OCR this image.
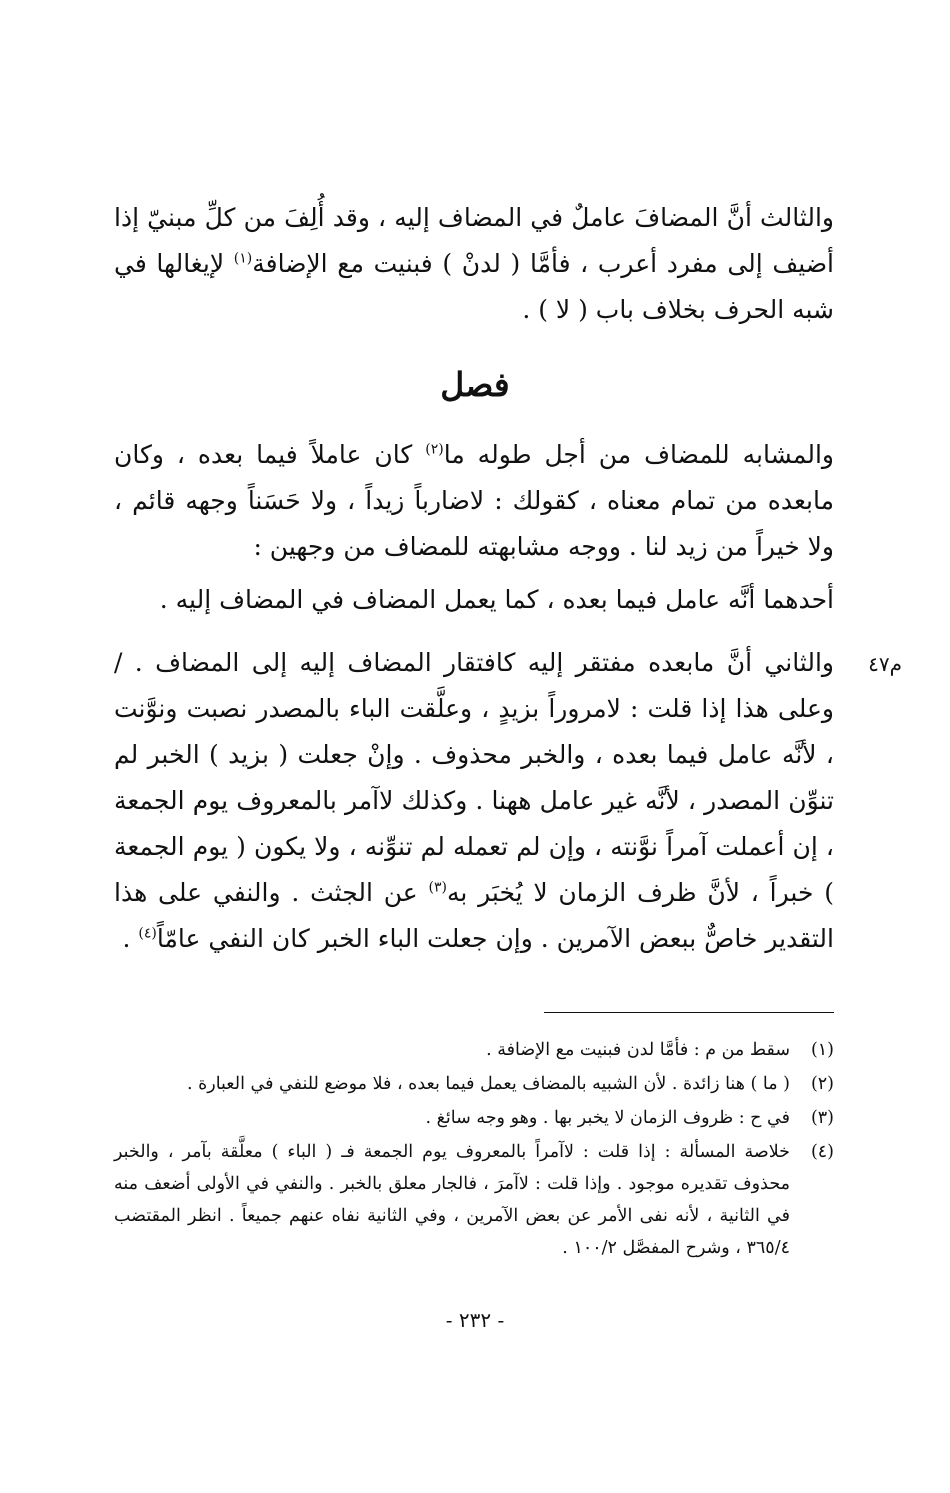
والثالث أنَّ المضافَ عاملٌ في المضاف إليه ، وقد أُلِفَ من كلِّ مبنيّ إذا أضيف إلى مفرد أعرب ، فأمَّا ( لدنْ ) فبنيت مع الإضافة$^{(١)}$ لإيغالها في شبه الحرف بخلاف باب ( لا ) .

فصل

والمشابه للمضاف من أجل طوله ما$^{(٢)}$ كان عاملاً فيما بعده ، وكان مابعده من تمام معناه ، كقولك : لاضارباً زيداً ، ولا حَسَناً وجهه قائم ، ولا خيراً من زيد لنا . ووجه مشابهته للمضاف من وجهين :

أحدهما أنَّه عامل فيما بعده ، كما يعمل المضاف في المضاف إليه .

م٤٧

والثاني أنَّ مابعده مفتقر إليه كافتقار المضاف إليه إلى المضاف . / وعلى هذا إذا قلت : لامروراً بزيدٍ ، وعلَّقت الباء بالمصدر نصبت ونوَّنت ، لأنَّه عامل فيما بعده ، والخبر محذوف . وإنْ جعلت ( بزيد ) الخبر لم تنوِّن المصدر ، لأنَّه غير عامل ههنا . وكذلك لاآمر بالمعروف يوم الجمعة ، إن أعملت آمراً نوَّنته ، وإن لم تعمله لم تنوِّنه ، ولا يكون ( يوم الجمعة ) خبراً ، لأنَّ ظرف الزمان لا يُخبَر به$^{(٣)}$ عن الجثث . والنفي على هذا التقدير خاصٌّ ببعض الآمرين . وإن جعلت الباء الخبر كان النفي عامّاً$^{(٤)}$ .

(١)
سقط من م : فأمَّا لدن فبنيت مع الإضافة .
(٢)
( ما ) هنا زائدة . لأن الشبيه بالمضاف يعمل فيما بعده ، فلا موضع للنفي في العبارة .
(٣)
في ح : ظروف الزمان لا يخبر بها . وهو وجه سائغ .
(٤)
خلاصة المسألة : إذا قلت : لاآمراً بالمعروف يوم الجمعة فـ ( الباء ) معلَّقة بآمر ، والخبر محذوف تقديره موجود . وإذا قلت : لاآمرَ ، فالجار معلق بالخبر . والنفي في الأولى أضعف منه في الثانية ، لأنه نفى الأمر عن بعض الآمرين ، وفي الثانية نفاه عنهم جميعاً . انظر المقتضب ٣٦٥/٤ ، وشرح المفصَّل ١٠٠/٢ .
- ٢٣٢ -
